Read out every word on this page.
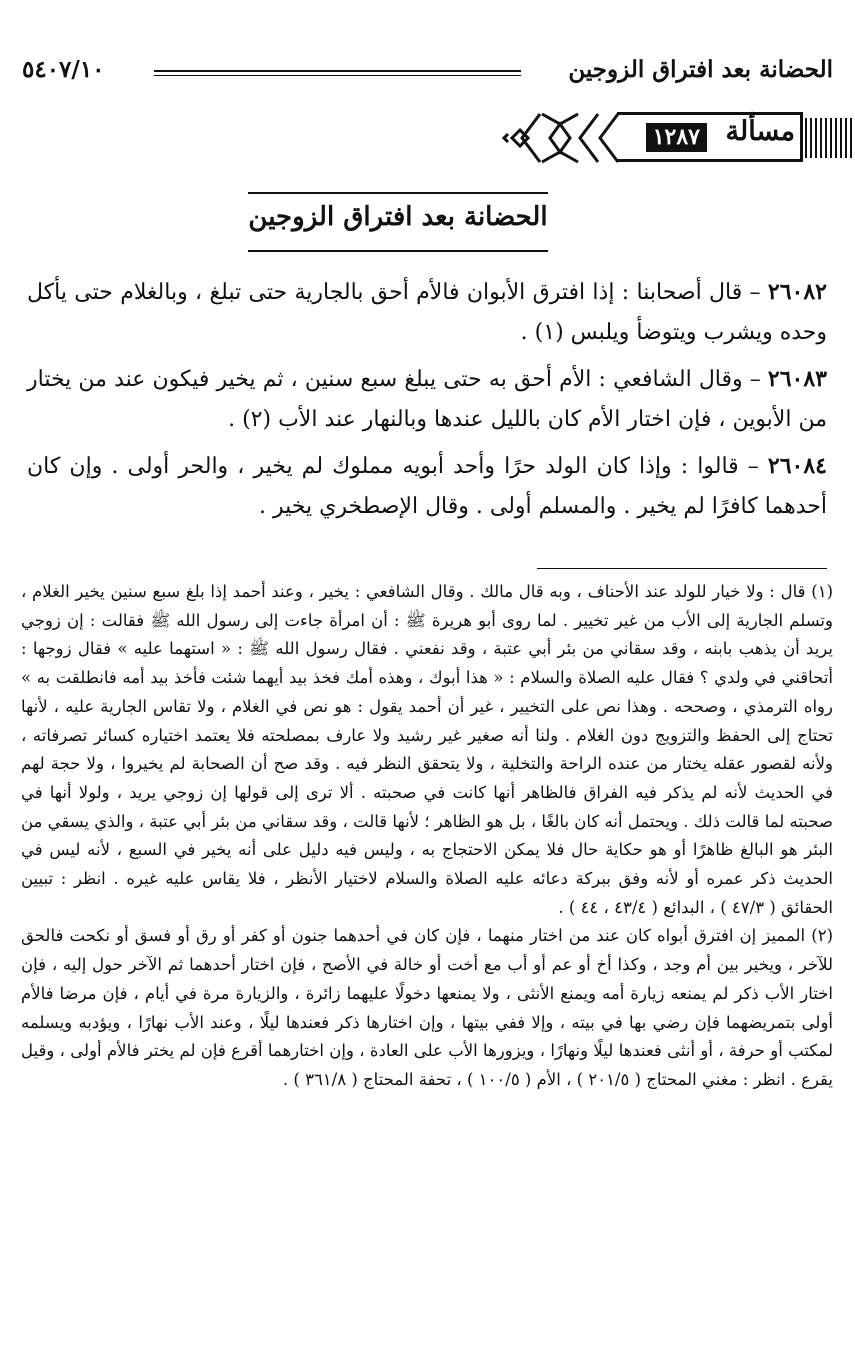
الحضانة بعد افتراق الزوجين
٥٤٠٧/١٠
مسألة
١٢٨٧
الحضانة بعد افتراق الزوجين

٢٦٠٨٢ – قال أصحابنا : إذا افترق الأبوان فالأم أحق بالجارية حتى تبلغ ، وبالغلام حتى يأكل وحده ويشرب ويتوضأ ويلبس (١) .

٢٦٠٨٣ – وقال الشافعي : الأم أحق به حتى يبلغ سبع سنين ، ثم يخير فيكون عند من يختار من الأبوين ، فإن اختار الأم كان بالليل عندها وبالنهار عند الأب (٢) .

٢٦٠٨٤ – قالوا : وإذا كان الولد حرًا وأحد أبويه مملوك لم يخير ، والحر أولى . وإن كان أحدهما كافرًا لم يخير . والمسلم أولى . وقال الإصطخري يخير .

(١) قال : ولا خيار للولد عند الأحناف ، وبه قال مالك . وقال الشافعي : يخير ، وعند أحمد إذا بلغ سبع سنين يخير الغلام ، وتسلم الجارية إلى الأب من غير تخيير . لما روى أبو هريرة ﷺ : أن امرأة جاءت إلى رسول الله ﷺ فقالت : إن زوجي يريد أن يذهب بابنه ، وقد سقاني من بئر أبي عتبة ، وقد نفعني . فقال رسول الله ﷺ : « استهما عليه » فقال زوجها : أتحاقني في ولدي ؟ فقال عليه الصلاة والسلام : « هذا أبوك ، وهذه أمك فخذ بيد أيهما شئت فأخذ بيد أمه فانطلقت به » رواه الترمذي ، وصححه . وهذا نص على التخيير ، غير أن أحمد يقول : هو نص في الغلام ، ولا تقاس الجارية عليه ، لأنها تحتاج إلى الحفظ والتزويج دون الغلام . ولنا أنه صغير غير رشيد ولا عارف بمصلحته فلا يعتمد اختياره كسائر تصرفاته ، ولأنه لقصور عقله يختار من عنده الراحة والتخلية ، ولا يتحقق النظر فيه . وقد صح أن الصحابة لم يخيروا ، ولا حجة لهم في الحديث لأنه لم يذكر فيه الفراق فالظاهر أنها كانت في صحبته . ألا ترى إلى قولها إن زوجي يريد ، ولولا أنها في صحبته لما قالت ذلك . ويحتمل أنه كان بالغًا ، بل هو الظاهر ؛ لأنها قالت ، وقد سقاني من بئر أبي عتبة ، والذي يسقي من البئر هو البالغ ظاهرًا أو هو حكاية حال فلا يمكن الاحتجاج به ، وليس فيه دليل على أنه يخير في السبع ، لأنه ليس في الحديث ذكر عمره أو لأنه وفق ببركة دعائه عليه الصلاة والسلام لاختيار الأنظر ، فلا يقاس عليه غيره . انظر : تبيين الحقائق ( ٤٧/٣ ) ، البدائع ( ٤٣/٤ ، ٤٤ ) .

(٢) المميز إن افترق أبواه كان عند من اختار منهما ، فإن كان في أحدهما جنون أو كفر أو رق أو فسق أو نكحت فالحق للآخر ، ويخير بين أم وجد ، وكذا أخ أو عم أو أب مع أخت أو خالة في الأصح ، فإن اختار أحدهما ثم الآخر حول إليه ، فإن اختار الأب ذكر لم يمنعه زيارة أمه ويمنع الأنثى ، ولا يمنعها دخولًا عليهما زائرة ، والزيارة مرة في أيام ، فإن مرضا فالأم أولى بتمريضهما فإن رضي بها في بيته ، وإلا ففي بيتها ، وإن اختارها ذكر فعندها ليلًا ، وعند الأب نهارًا ، ويؤدبه ويسلمه لمكتب أو حرفة ، أو أنثى فعندها ليلًا ونهارًا ، ويزورها الأب على العادة ، وإن اختارهما أقرع فإن لم يختر فالأم أولى ، وقيل يقرع . انظر : مغني المحتاج ( ٢٠١/٥ ) ، الأم ( ١٠٠/٥ ) ، تحفة المحتاج ( ٣٦١/٨ ) .
